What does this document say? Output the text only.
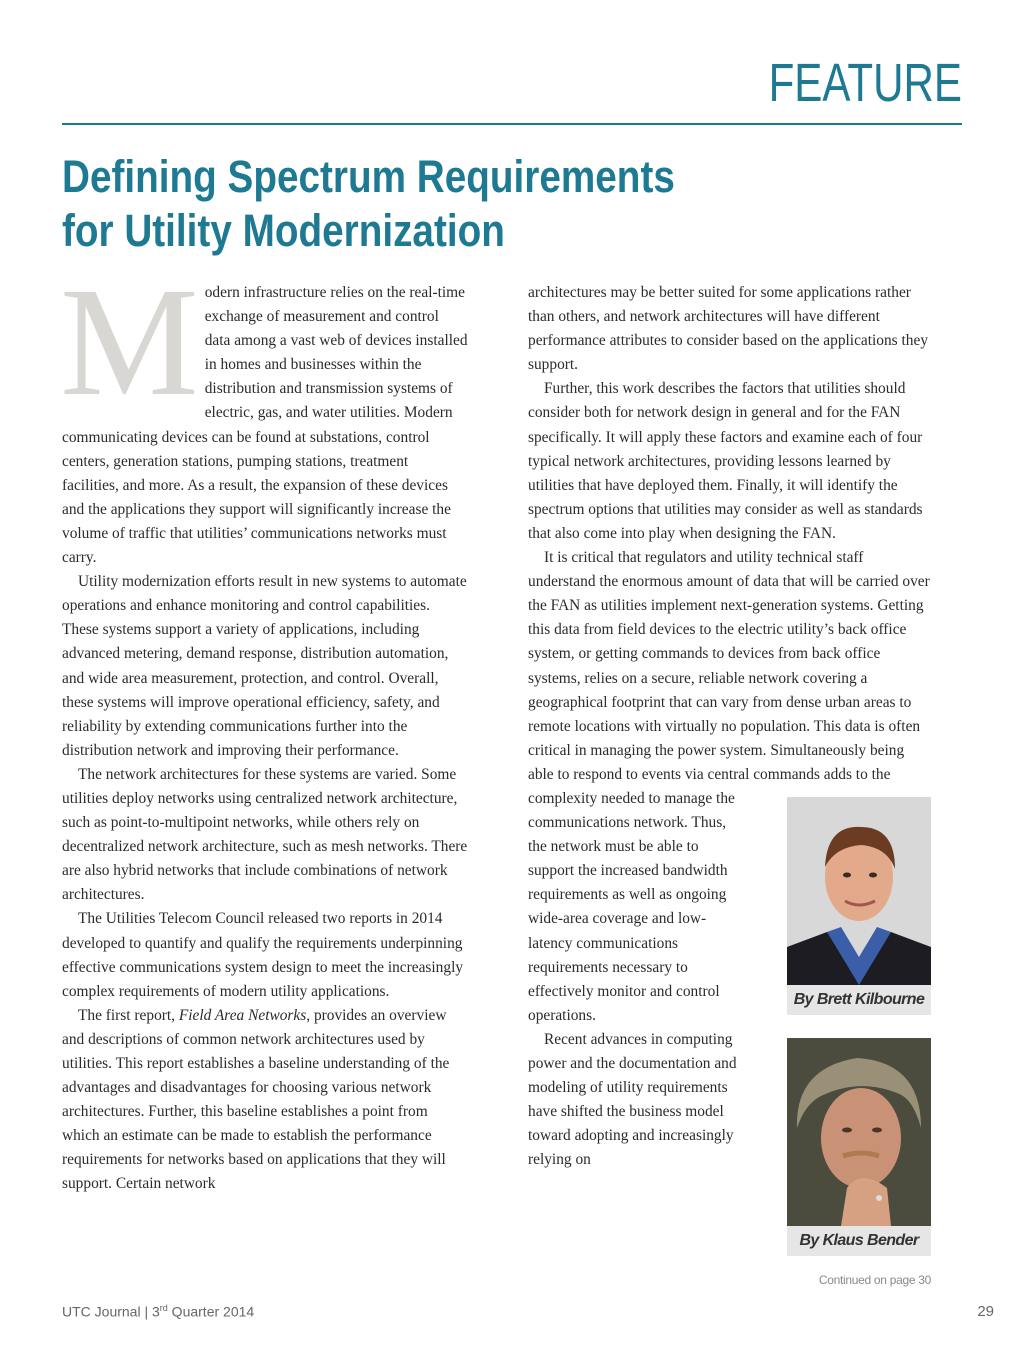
FEATURE
Defining Spectrum Requirements
for Utility Modernization

Modern infrastructure relies on the real-time exchange of measurement and control data among a vast web of devices installed in homes and businesses within the distribution and transmission systems of electric, gas, and water utilities. Modern communicating devices can be found at substations, control centers, generation stations, pumping stations, treatment facilities, and more. As a result, the expansion of these devices and the applications they support will significantly increase the volume of traffic that utilities’ communications networks must carry.

Utility modernization efforts result in new systems to automate operations and enhance monitoring and control capabilities. These systems support a variety of applications, including advanced metering, demand response, distribution automation, and wide area measurement, protection, and control. Overall, these systems will improve operational efficiency, safety, and reliability by extending communications further into the distribution network and improving their performance.

The network architectures for these systems are varied. Some utilities deploy networks using centralized network architecture, such as point-to-multipoint networks, while others rely on decentralized network architecture, such as mesh networks. There are also hybrid networks that include combinations of network architectures.

The Utilities Telecom Council released two reports in 2014 developed to quantify and qualify the requirements underpinning effective communications system design to meet the increasingly complex requirements of modern utility applications.

The first report, Field Area Networks, provides an overview and descriptions of common network architectures used by utilities. This report establishes a baseline understanding of the advantages and disadvantages for choosing various network architectures. Further, this baseline establishes a point from which an estimate can be made to establish the performance requirements for networks based on applications that they will support. Certain network

architectures may be better suited for some applications rather than others, and network architectures will have different performance attributes to consider based on the applications they support.

Further, this work describes the factors that utilities should consider both for network design in general and for the FAN specifically. It will apply these factors and examine each of four typical network architectures, providing lessons learned by utilities that have deployed them. Finally, it will identify the spectrum options that utilities may consider as well as standards that also come into play when designing the FAN.

It is critical that regulators and utility technical staff understand the enormous amount of data that will be carried over the FAN as utilities implement next-generation systems. Getting this data from field devices to the electric utility’s back office system, or getting commands to devices from back office systems, relies on a secure, reliable network covering a geographical footprint that can vary from dense urban areas to remote locations with virtually no population. This data is often critical in managing the power system. Simultaneously being able to respond to events via central commands adds to the complexity needed to manage the communications network. Thus, the network must be able to support the increased bandwidth requirements as well as ongoing wide-area coverage and low-latency communications requirements necessary to effectively monitor and control operations.

Recent advances in computing power and the documentation and modeling of utility requirements have shifted the business model toward adopting and increasingly relying on

By Brett Kilbourne
By Klaus Bender
Continued on page 30
UTC Journal | 3rd Quarter 2014	29
